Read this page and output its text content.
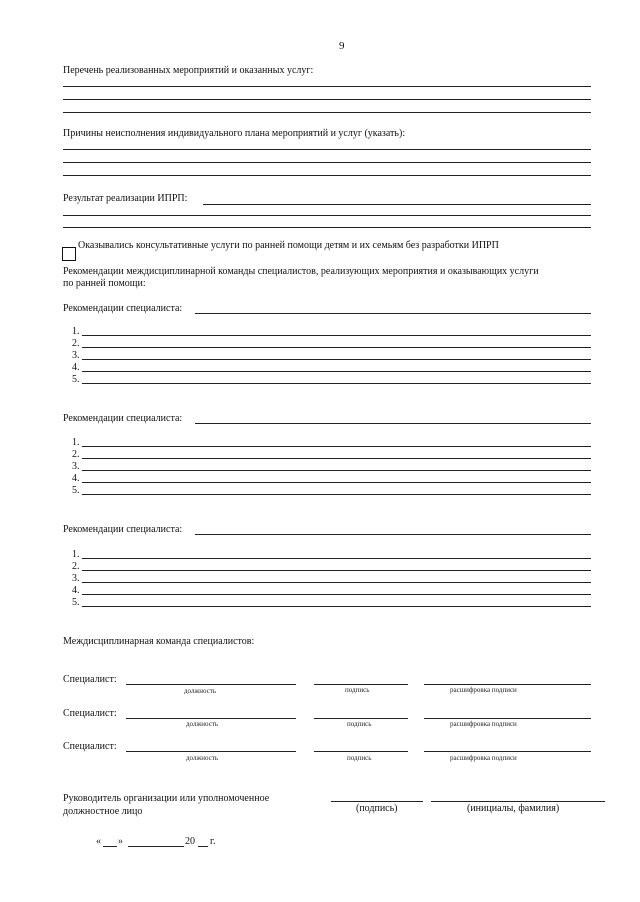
9
Перечень реализованных мероприятий и оказанных услуг:
Причины неисполнения индивидуального плана мероприятий и услуг (указать):
Результат реализации ИПРП:
Оказывались консультативные услуги по ранней помощи детям и их семьям без разработки ИПРП
Рекомендации междисциплинарной команды специалистов, реализующих мероприятия и оказывающих услуги
по ранней помощи:
Рекомендации специалиста:
1.
2.
3.
4.
5.
Рекомендации специалиста:
1.
2.
3.
4.
5.
Рекомендации специалиста:
1.
2.
3.
4.
5.
Междисциплинарная команда специалистов:
Специалист:
должность	подпись	расшифровка подписи
Специалист:
должность	подпись	расшифровка подписи
Специалист:
должность	подпись	расшифровка подписи
Руководитель организации или уполномоченное
должностное лицо	(подпись)	(инициалы, фамилия)
« »	20 г.
